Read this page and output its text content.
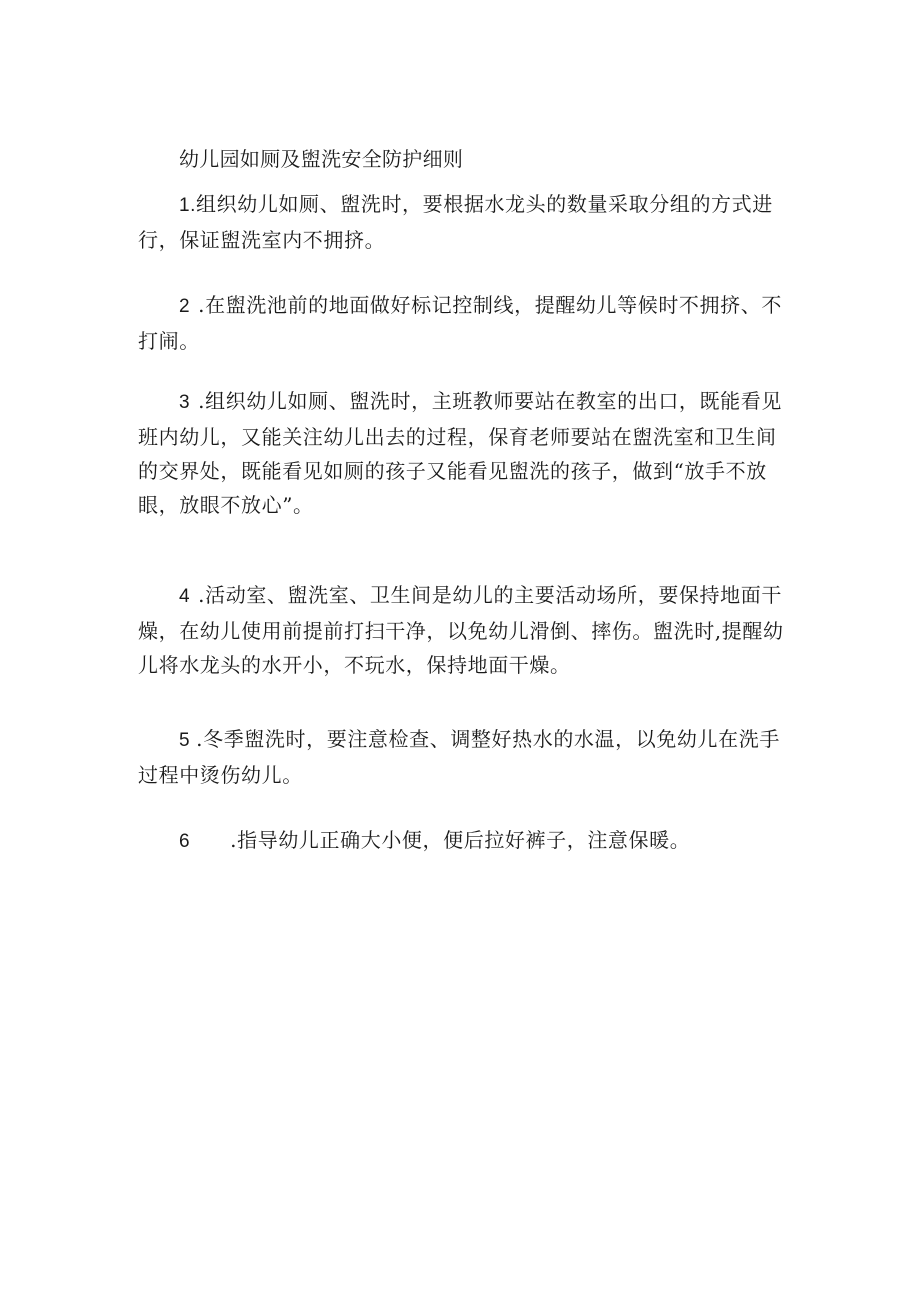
幼儿园如厕及盥洗安全防护细则
1.组织幼儿如厕、盥洗时，要根据水龙头的数量采取分组的方式进行，保证盥洗室内不拥挤。
2 .在盥洗池前的地面做好标记控制线，提醒幼儿等候时不拥挤、不打闹。
3 .组织幼儿如厕、盥洗时，主班教师要站在教室的出口，既能看见班内幼儿，又能关注幼儿出去的过程，保育老师要站在盥洗室和卫生间的交界处，既能看见如厕的孩子又能看见盥洗的孩子，做到“放手不放眼，放眼不放心”。
4 .活动室、盥洗室、卫生间是幼儿的主要活动场所，要保持地面干燥，在幼儿使用前提前打扫干净，以免幼儿滑倒、摔伤。盥洗时,提醒幼儿将水龙头的水开小，不玩水，保持地面干燥。
5 .冬季盥洗时，要注意检查、调整好热水的水温，以免幼儿在洗手过程中烫伤幼儿。
6 .指导幼儿正确大小便，便后拉好裤子，注意保暖。
